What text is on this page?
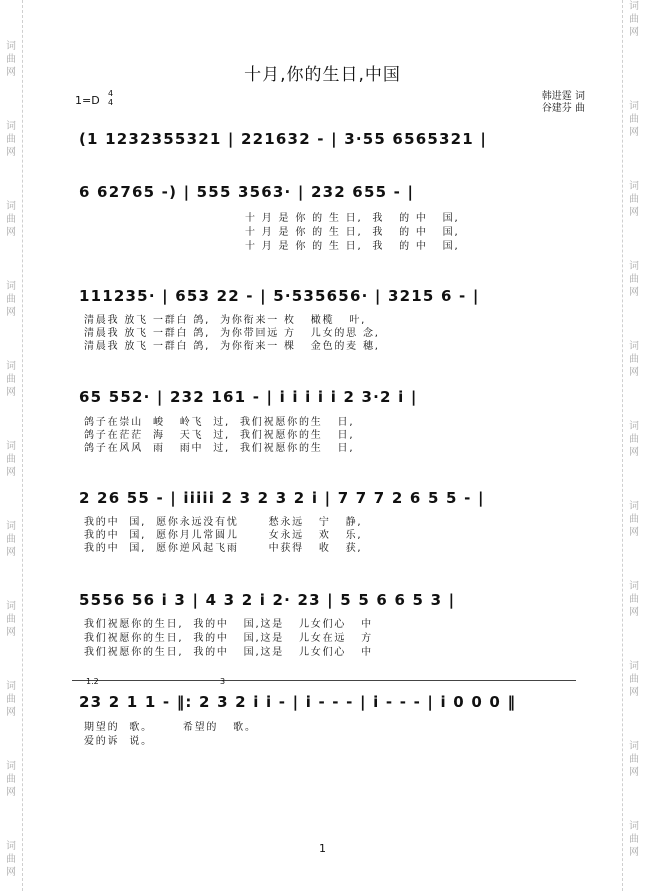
词 曲 网
词 曲 网
词 曲 网
词 曲 网
词 曲 网
词 曲 网
词 曲 网
词 曲 网
词 曲 网
词 曲 网
词 曲 网
词 曲 网
词 曲 网
词 曲 网
词 曲 网
词 曲 网
词 曲 网
词 曲 网
词 曲 网
词 曲 网
词 曲 网
词 曲 网
十月,你的生日,中国
1=D
4
4
韩进霆 词
谷建芬 曲
(1 1232355321 | 221632 - | 3·55 6565321 |
6 62765 -) | 555 3563· | 232 655 - |
十 月 是 你 的 生 日,  我   的 中   国,
十 月 是 你 的 生 日,  我   的 中   国,
十 月 是 你 的 生 日,  我   的 中   国,
111235· | 653 22 - | 5·535656· | 3215 6 - |
清晨我 放飞 一群白 鸽,  为你衔来一 枚   橄榄   叶,
清晨我 放飞 一群白 鸽,  为你带回远 方   儿女的思 念,
清晨我 放飞 一群白 鸽,  为你衔来一 棵   金色的麦 穗,
65 552· | 232 161 - | i i i i i 2 3·2 i |
鸽子在崇山  峻   岭飞  过,  我们祝愿你的生   日,
鸽子在茫茫  海   天飞  过,  我们祝愿你的生   日,
鸽子在风风  雨   雨中  过,  我们祝愿你的生   日,
2 26 55 - | iiiii 2 3 2 3 2 i | 7 7 7 2 6 5 5 - |
我的中  国,  愿你永远没有忧      愁永远   宁   静,
我的中  国,  愿你月儿常圆儿      女永远   欢   乐,
我的中  国,  愿你逆风起飞雨      中获得   收   获,
5556 56 i 3 | 4 3 2 i 2· 23 | 5 5 6 6 5 3 |
我们祝愿你的生日,  我的中   国,这是   儿女们心   中
我们祝愿你的生日,  我的中   国,这是   儿女在远   方
我们祝愿你的生日,  我的中   国,这是   儿女们心   中
1.2	3
23 2 1 1 - ‖: 2 3 2 i i - | i - - - | i - - - | i 0 0 0 ‖
期望的  歌。      希望的   歌。
爱的诉  说。
1
